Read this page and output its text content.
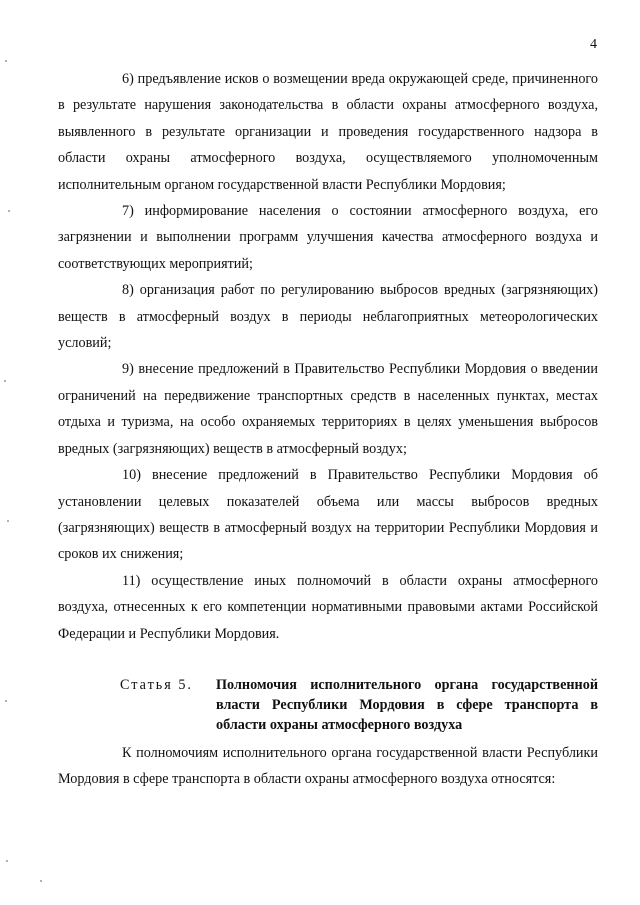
4

6) предъявление исков о возмещении вреда окружающей среде, причиненного в результате нарушения законодательства в области охраны атмосферного воздуха, выявленного в результате организации и проведения государственного надзора в области охраны атмосферного воздуха, осуществляемого уполномоченным исполнительным органом государственной власти Республики Мордовия;

7) информирование населения о состоянии атмосферного воздуха, его загрязнении и выполнении программ улучшения качества атмосферного воздуха и соответствующих мероприятий;

8) организация работ по регулированию выбросов вредных (загрязняющих) веществ в атмосферный воздух в периоды неблагоприятных метеорологических условий;

9) внесение предложений в Правительство Республики Мордовия о введении ограничений на передвижение транспортных средств в населенных пунктах, местах отдыха и туризма, на особо охраняемых территориях в целях уменьшения выбросов вредных (загрязняющих) веществ в атмосферный воздух;

10) внесение предложений в Правительство Республики Мордовия об установлении целевых показателей объема или массы выбросов вредных (загрязняющих) веществ в атмосферный воздух на территории Республики Мордовия и сроков их снижения;

11) осуществление иных полномочий в области охраны атмосферного воздуха, отнесенных к его компетенции нормативными правовыми актами Российской Федерации и Республики Мордовия.

Статья 5.	Полномочия исполнительного органа государственной власти Республики Мордовия в сфере транспорта в области охраны атмосферного воздуха

К полномочиям исполнительного органа государственной власти Республики Мордовия в сфере транспорта в области охраны атмосферного воздуха относятся:
